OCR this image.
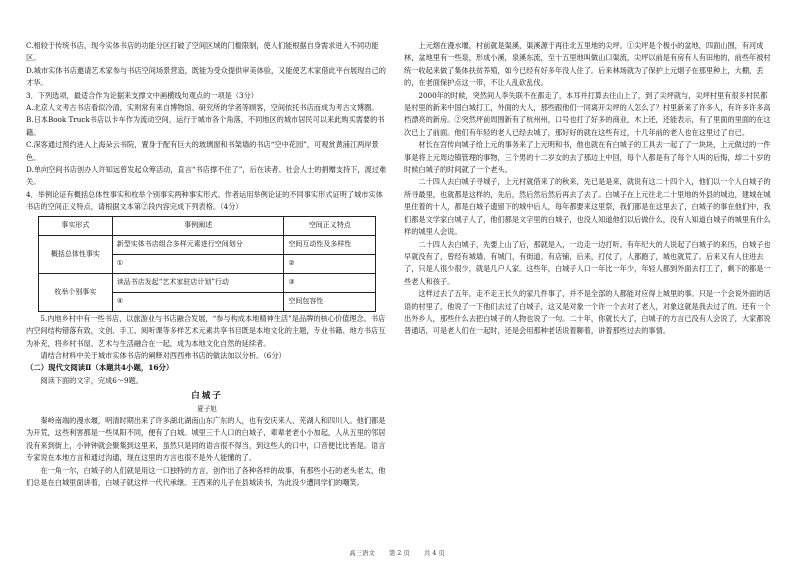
C.相较于传统书店，现今实体书店的功能分区打破了空间区域的门槛限制，使人们能根据自身需求进入不同功能区。

D.城市实体书店邀请艺术家参与书店空间场景营造，既能为受众提供审美体验，又能使艺术家借此平台展现自己的才华。

3．下列选项，最适合作为论据来支撑文中画横线句观点的一项是（3分）

A.北京人文考古书店看似冷清，实则常有来自博物馆、研究所的学者等顾客，空间依托书店而成为考古文博圈。

B.日本Book Truck书店以卡车作为流动空间，运行于城市各个角落，不同地区的城市居民可以来此购买需要的书籍。

C.深客通过预约进入上海朵云书院，置身于配有巨大的玻璃窗和书架墙的书店“空中花园”，可观赏黄浦江两岸景色。

D.单向空间书店创办人许知远曾发起众筹活动，直言“书店撑不住了”，后在读者、社会人士的捐赠支持下，渡过难关。

4．举例论证有概括总体性事实和枚举个别事实两种事实形式。作者运用举例论证的不同事实形式证明了城市实体书店的空间正义特点，请根据文本第②段内容完成下列表格。（4分）

事实形式	事例阐述	空间正义特点
概括总体性事实	新型实体书店组合多样元素进行空间划分	空间互动性及多样性
	①	②
枚举个别事实	读品书店发起“艺术家驻店计划”行动	③
	④	空间包容性

5.内地乡村中有一些书店，以旅游业与书店融合发展，“参与构成本地精神生活”是品牌的核心价值理念。书店内空间结构错落有致，文创、手工、阅听课等多样艺术元素共享书目既是本地文化的主题，专业书籍、地方书店互为补充，将乡村书屋、艺术与生活融合在一起，成为本地文化自然的延续者。

请结合材料中关于城市实体书店的阐释对西西弗书店的做法加以分析。（6分）

（二）现代文阅读Ⅱ（本题共4小题，16分）

阅读下面的文字，完成6～9题。

白城子

夏子旭

秦岭南端的漫水堰，明清时期出来了许多湖北湖南山东广东的人，也有安庆来人、芜湖人和四川人。他们都是为开荒，这些利害都是一些凤阳不同，便有了白城。城里三千人口的白城子，辈辈老老小小加起，人从五里的邻居没有来到街上，小钟钟就会聚集到这里来，虽然只是同的语言很不得当，到这些人的口中，口音便比比皆是。语言专家说在本地方言和通过沟通，现在这里的方言也很不是外人能懂的了。

在一角一尔，白城子的人们就是用这一口独特的方言，创作出了各种各样的故事，有那些小石的老头老太，他们总是在白城里面讲着，白城子就这样一代代承继。王西来的儿子在县城读书，为此没少遭同学们的嘲笑。

上元烟在漫水堰，村前就是渠溪，渠溪源于再往北五里地的尖坪。①尖坪是个极小的盆地，四面山围，有河成林，盆地里有一些泉，形成小溪，泉溪东流，至十五里地叫做山口渠流，尖坪以前是有房有人有田地的，前些年被村统一收起来做了集体扶贫养殖，如今已经有好多年没人住了。后来林场就为了保护上元烟子在那里种上，大棚，丢的，在老面保护点这一带，不让人乱砍乱伐。

2000年的时候，突然间人李失联不在都走了，本耳并打算去往山上了，到了尖坪就与，尖坪村里有很多村民都是村里的新来中国白城打工，外面的大人，那些跟他们一同离开尖坪的人怎么了？村里新来了许多人，有许多许多高档漂亮的新房。②突然坪前周围新有了杭州州，口号也打了好多的商业，木上还，还能表示，有了里面的里面的在这次已上了前面。他们有年轻的老人已经去城了，那好好的就在这些有过，十几年前的老人也在这里过了自已。

材长在宫传向城子给上元的事务来了上元明和书，他也就在有白城子的工具去一起了了一块块，上元做过的一件事是将上元周边镇管理的事物，三个男的十二岁女的去了那边上中回，每个人都是有了每个人叫的后悔，却二十岁的时候白城子的时间就了一个老头。

二十四人去白城子寻城子，上元村就借来了的秋来，先已是是来，就说有这二十四个人，他们以一个人白城子的所寻最里，也就都是这样的，先后，然后然后然后再去了去了。白城子在上元往北二十里地的外县的城边，建城在城里住着的十人，都是白城子遗留下的城中后人，每年都要来这里祭，我们都是在这里去了，白城子的事在他们中，我们都是文学家白城子人了，他们都是文字里的白城子，也没人知道他们以后做什么，没有人知道白城子的城里有什么样的城里人会说。

二十四人去白城子，先要上山了后，那就是入，一边走一边打听。有年纪大的人说起了白城子的来历，白城子也早就没有了，曾经有城墙、有城门、有街道、有店铺，后来，打仗了，人都跑了，城也就荒了。后来又有人住进去了，只是人很少很少，就是几户人家。这些年，白城子人口一年比一年少，年轻人都到外面去打工了，剩下的都是一些老人和孩子。

这样过去了五年，走不走王长久的家几件事了，并不是全部的人都能对应得上城里的事。只是一个会说外面的话语的村里了，他说了一下他们去过了白城子，这又是对象一个许一个去对了老人，对象这就是我去过了的。还有一个出外乡人，那些什么去把白城子的人物也说了一句。二十年，你就长大了，白城子的方言已没有人会说了，大家都说普通话，可是老人们在一起时，还是会用那种老话说着聊着，讲着那些过去的事情。

高三语文 第 2 页 共 4 页
